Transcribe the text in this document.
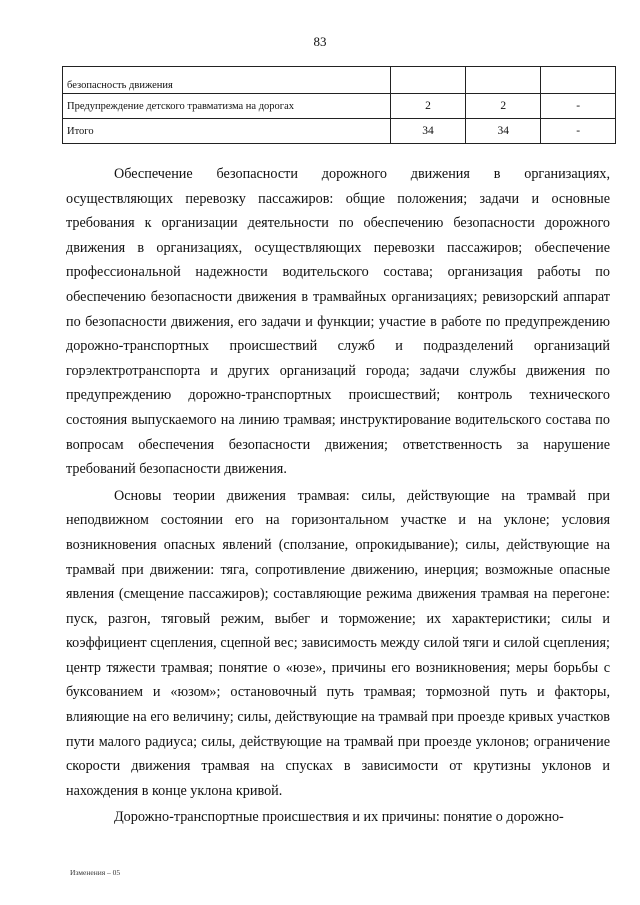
83
безопасность движения			
Предупреждение детского травматизма на дорогах	2	2	-
Итого	34	34	-

Обеспечение безопасности дорожного движения в организациях, осуществляющих перевозку пассажиров: общие положения; задачи и основные требования к организации деятельности по обеспечению безопасности дорожного движения в организациях, осуществляющих перевозки пассажиров; обеспечение профессиональной надежности водительского состава; организация работы по обеспечению безопасности движения в трамвайных организациях; ревизорский аппарат по безопасности движения, его задачи и функции; участие в работе по предупреждению дорожно-транспортных происшествий служб и подразделений организаций горэлектротранспорта и других организаций города; задачи службы движения по предупреждению дорожно-транспортных происшествий; контроль технического состояния выпускаемого на линию трамвая; инструктирование водительского состава по вопросам обеспечения безопасности движения; ответственность за нарушение требований безопасности движения.

Основы теории движения трамвая: силы, действующие на трамвай при неподвижном состоянии его на горизонтальном участке и на уклоне; условия возникновения опасных явлений (сползание, опрокидывание); силы, действующие на трамвай при движении: тяга, сопротивление движению, инерция; возможные опасные явления (смещение пассажиров); составляющие режима движения трамвая на перегоне: пуск, разгон, тяговый режим, выбег и торможение; их характеристики; силы и коэффициент сцепления, сцепной вес; зависимость между силой тяги и силой сцепления; центр тяжести трамвая; понятие о «юзе», причины его возникновения; меры борьбы с буксованием и «юзом»; остановочный путь трамвая; тормозной путь и факторы, влияющие на его величину; силы, действующие на трамвай при проезде кривых участков пути малого радиуса; силы, действующие на трамвай при проезде уклонов; ограничение скорости движения трамвая на спусках в зависимости от крутизны уклонов и нахождения в конце уклона кривой.

Дорожно-транспортные происшествия и их причины: понятие о дорожно-

Изменения – 05
